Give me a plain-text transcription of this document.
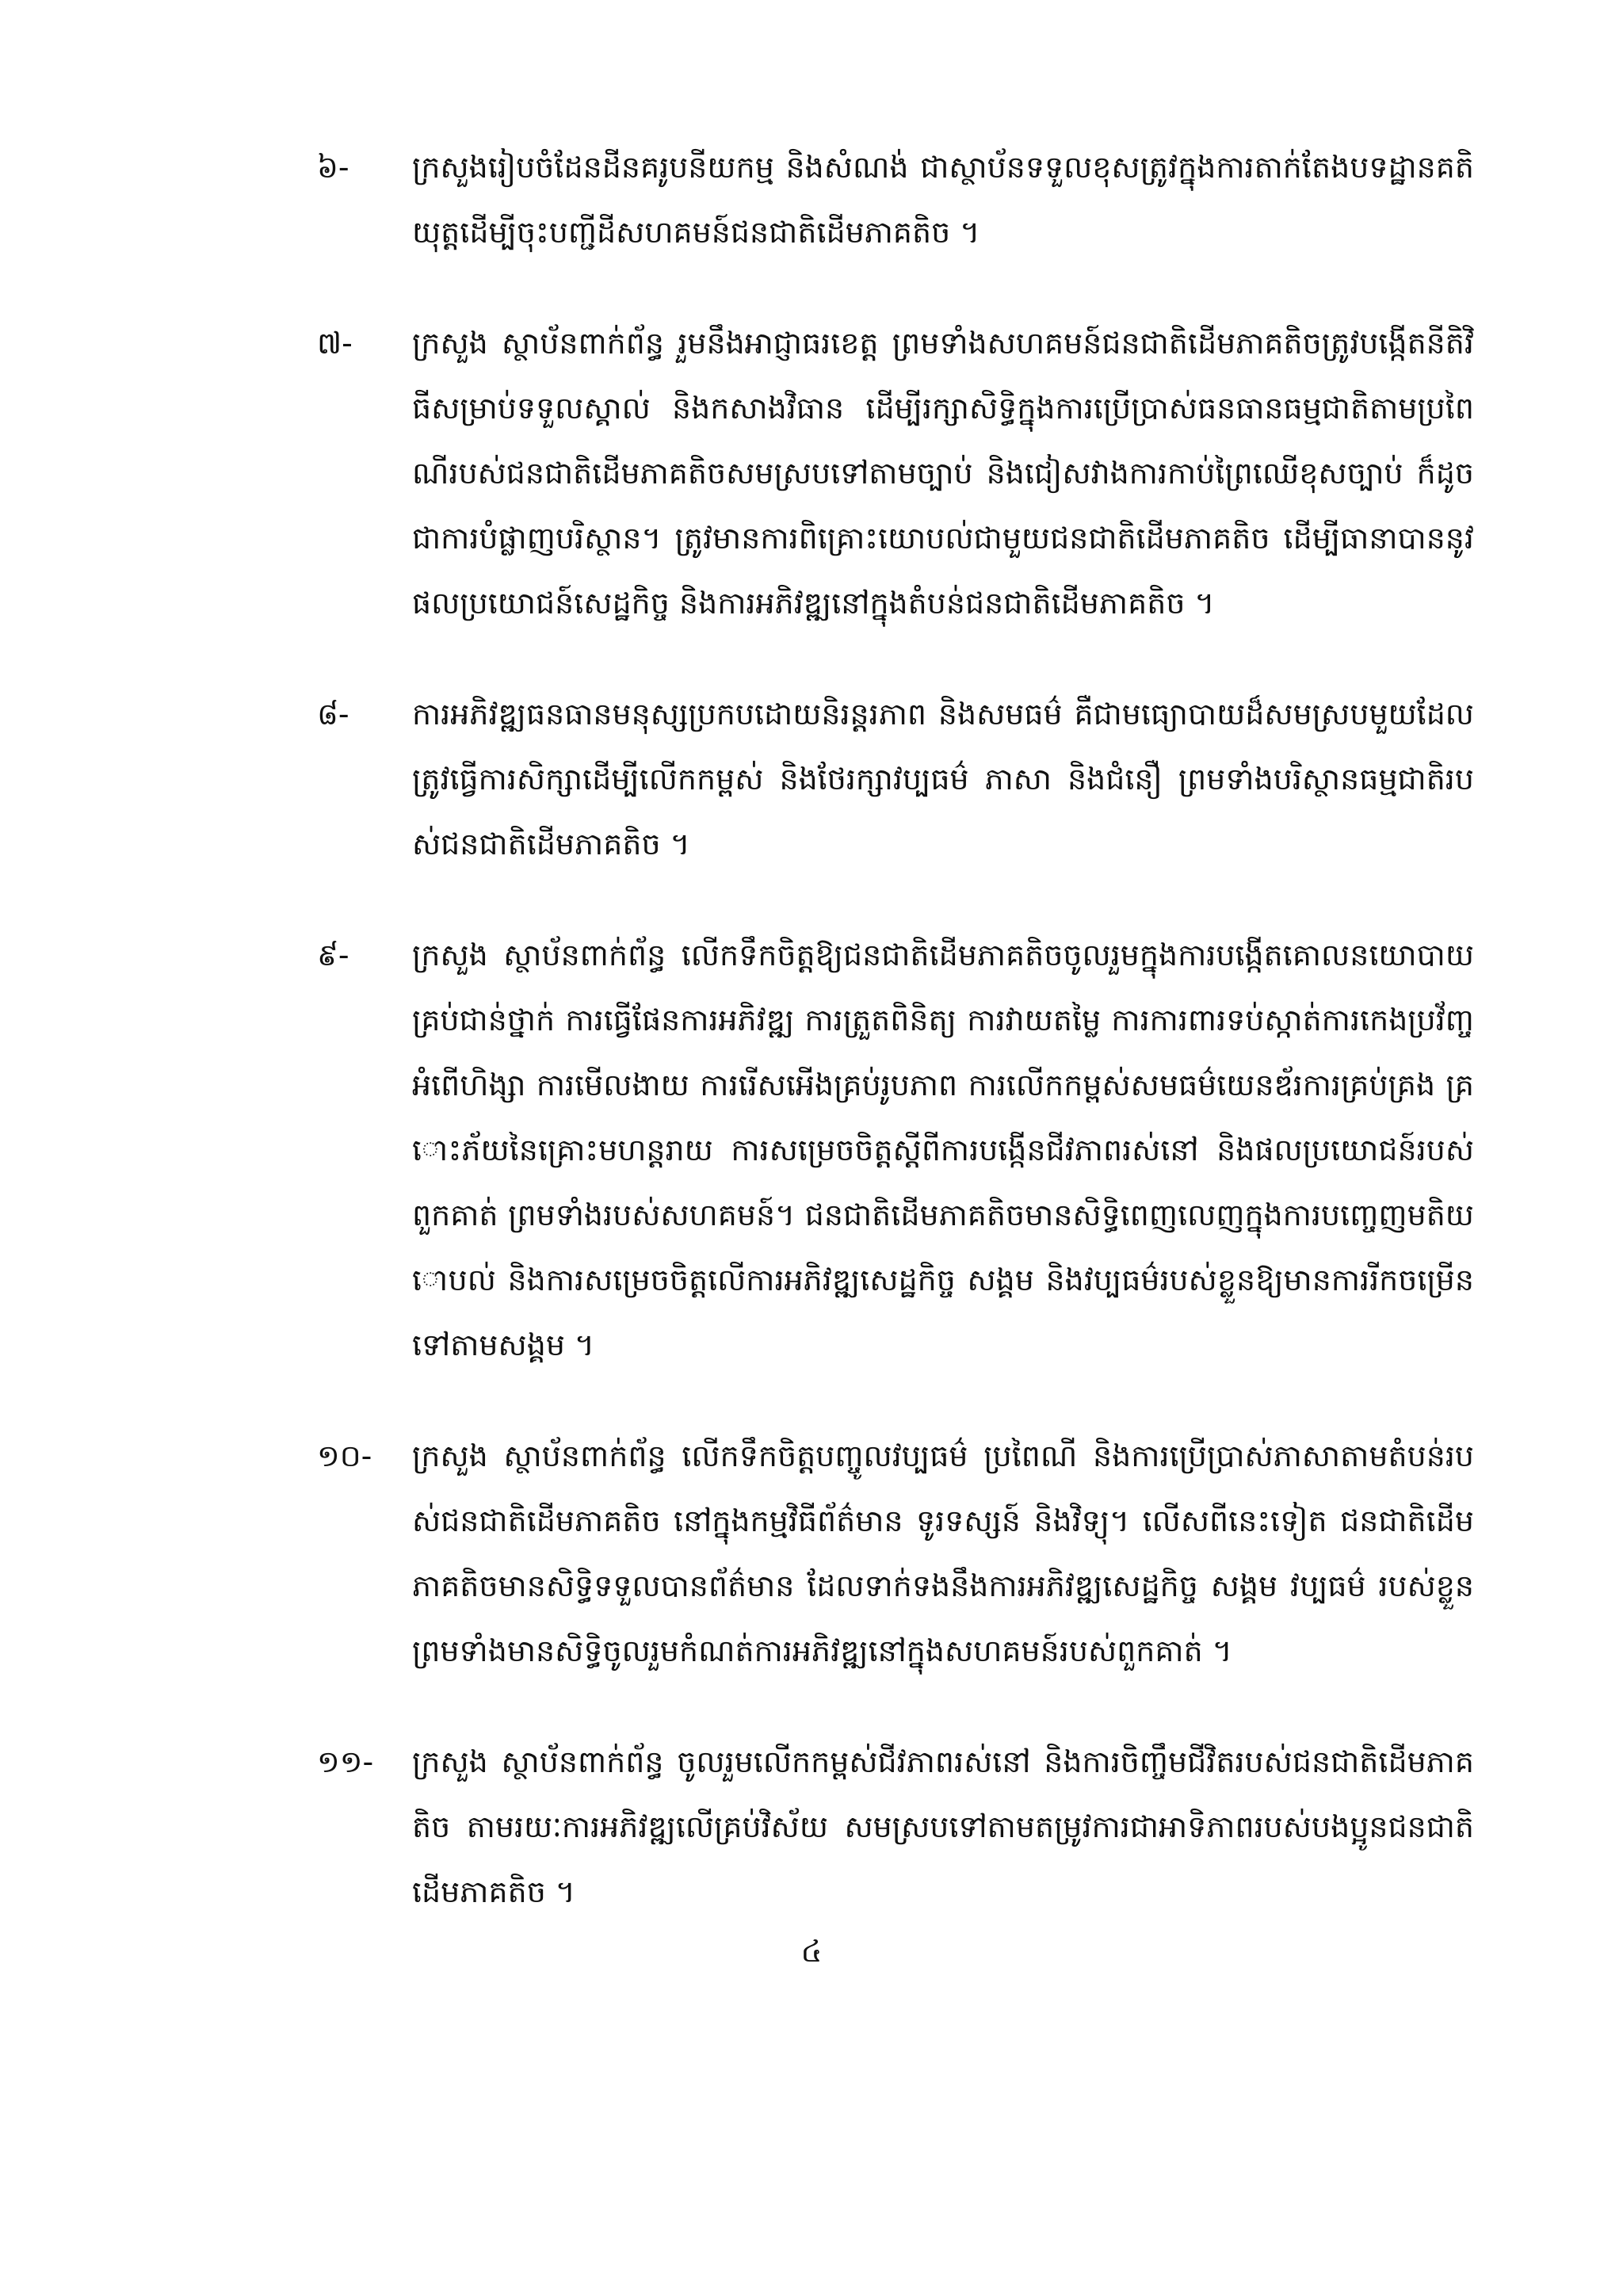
៦-	ក្រសួងរៀបចំដែនដីនគរូបនីយកម្ម និងសំណង់ ជាស្ថាប័នទទួលខុសត្រូវក្នុងការតាក់តែងបទដ្ឋានគតិយុត្តដើម្បីចុះបញ្ជីដីសហគមន៍ជនជាតិដើមភាគតិច ។
៧-	ក្រសួង ស្ថាប័នពាក់ព័ន្ធ រួមនឹងអាជ្ញាធរខេត្ត ព្រមទាំងសហគមន៍ជនជាតិដើមភាគតិចត្រូវបង្កើតនីតិវិធីសម្រាប់ទទួលស្គាល់ និងកសាងវិធាន ដើម្បីរក្សាសិទ្ធិក្នុងការប្រើប្រាស់ធនធានធម្មជាតិតាមប្រពៃណីរបស់ជនជាតិដើមភាគតិចសមស្របទៅតាមច្បាប់ និងជៀសវាងការកាប់ព្រៃឈើខុសច្បាប់ ក៏ដូចជាការបំផ្លាញបរិស្ថាន។ ត្រូវមានការពិគ្រោះយោបល់ជាមួយជនជាតិដើមភាគតិច ដើម្បីធានាបាននូវផលប្រយោជន៍សេដ្ឋកិច្ច និងការអភិវឌ្ឍនៅក្នុងតំបន់ជនជាតិដើមភាគតិច ។
៨-	ការអភិវឌ្ឍធនធានមនុស្សប្រកបដោយនិរន្តរភាព និងសមធម៌ គឺជាមធ្យោបាយដ៏សមស្របមួយដែលត្រូវធ្វើការសិក្សាដើម្បីលើកកម្ពស់ និងថែរក្សាវប្បធម៌ ភាសា និងជំនឿ ព្រមទាំងបរិស្ថានធម្មជាតិរបស់ជនជាតិដើមភាគតិច ។
៩-	ក្រសួង ស្ថាប័នពាក់ព័ន្ធ លើកទឹកចិត្តឱ្យជនជាតិដើមភាគតិចចូលរួមក្នុងការបង្កើតគោលនយោបាយគ្រប់ជាន់ថ្នាក់ ការធ្វើផែនការអភិវឌ្ឍ ការត្រួតពិនិត្យ ការវាយតម្លៃ ការការពារទប់ស្កាត់ការកេងប្រវ័ញ្ច អំពើហិង្សា ការមើលងាយ ការរើសអើងគ្រប់រូបភាព ការលើកកម្ពស់សមធម៌យេនឌ័រការគ្រប់គ្រង គ្រោះភ័យនៃគ្រោះមហន្តរាយ ការសម្រេចចិត្តស្តីពីការបង្កើនជីវភាពរស់នៅ និងផលប្រយោជន៍របស់ពួកគាត់ ព្រមទាំងរបស់សហគមន៍។ ជនជាតិដើមភាគតិចមានសិទ្ធិពេញលេញក្នុងការបញ្ចេញមតិយោបល់ និងការសម្រេចចិត្តលើការអភិវឌ្ឍសេដ្ឋកិច្ច សង្គម និងវប្បធម៌របស់ខ្លួនឱ្យមានការរីកចម្រើនទៅតាមសង្គម ។
១០-	ក្រសួង ស្ថាប័នពាក់ព័ន្ធ លើកទឹកចិត្តបញ្ចូលវប្បធម៌ ប្រពៃណី និងការប្រើប្រាស់ភាសាតាមតំបន់របស់ជនជាតិដើមភាគតិច នៅក្នុងកម្មវិធីព័ត៌មាន ទូរទស្សន៍ និងវិទ្យុ។ លើសពីនេះទៀត ជនជាតិដើមភាគតិចមានសិទ្ធិទទួលបានព័ត៌មាន ដែលទាក់ទងនឹងការអភិវឌ្ឍសេដ្ឋកិច្ច សង្គម វប្បធម៌ របស់ខ្លួនព្រមទាំងមានសិទ្ធិចូលរួមកំណត់ការអភិវឌ្ឍនៅក្នុងសហគមន៍របស់ពួកគាត់ ។
១១-	ក្រសួង ស្ថាប័នពាក់ព័ន្ធ ចូលរួមលើកកម្ពស់ជីវភាពរស់នៅ និងការចិញ្ចឹមជីវិតរបស់ជនជាតិដើមភាគតិច តាមរយៈការអភិវឌ្ឍលើគ្រប់វិស័យ សមស្របទៅតាមតម្រូវការជាអាទិភាពរបស់បងប្អូនជនជាតិដើមភាគតិច ។
៤
